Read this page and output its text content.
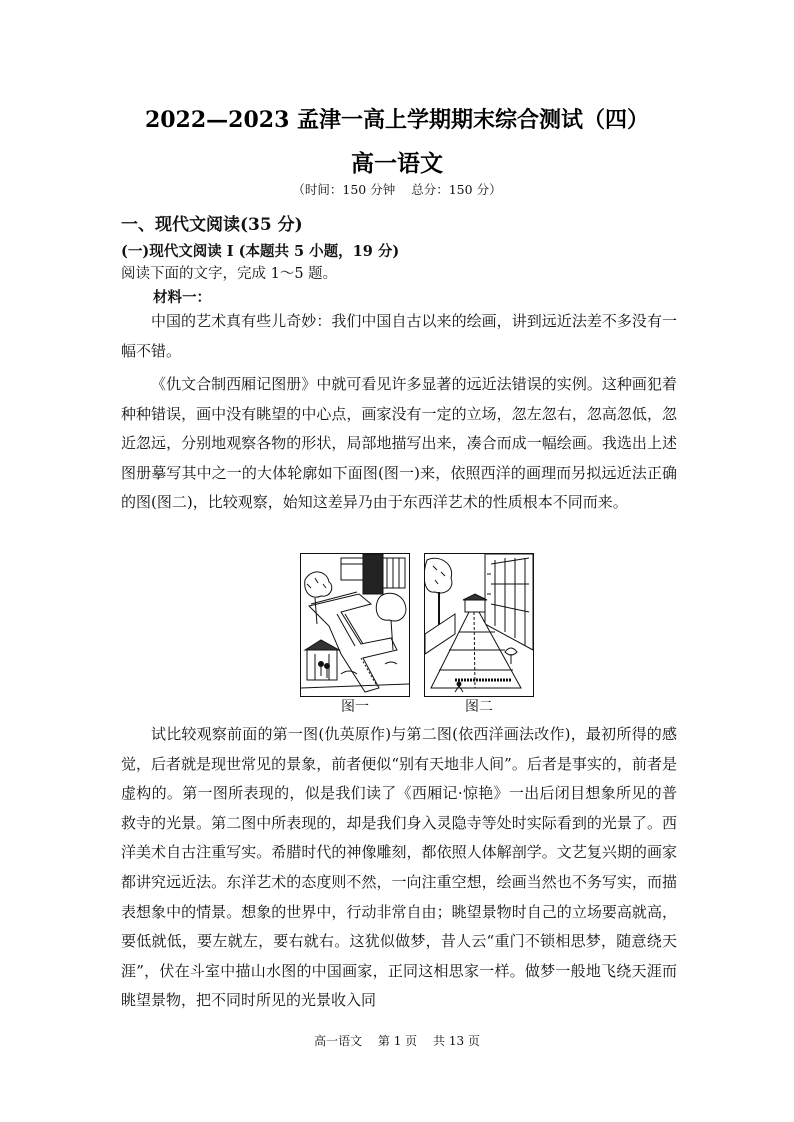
2022—2023 孟津一高上学期期末综合测试（四）
高一语文
（时间：150 分钟 总分：150 分）
一、现代文阅读(35 分)
(一)现代文阅读 I (本题共 5 小题，19 分)
阅读下面的文字，完成 1～5 题。
材料一：
中国的艺术真有些儿奇妙：我们中国自古以来的绘画，讲到远近法差不多没有一幅不错。
《仇文合制西厢记图册》中就可看见许多显著的远近法错误的实例。这种画犯着种种错误，画中没有眺望的中心点，画家没有一定的立场，忽左忽右，忽高忽低，忽近忽远，分别地观察各物的形状，局部地描写出来，凑合而成一幅绘画。我选出上述图册摹写其中之一的大体轮廓如下面图(图一)来，依照西洋的画理而另拟远近法正确的图(图二)，比较观察，始知这差异乃由于东西洋艺术的性质根本不同而来。
图一	图二
试比较观察前面的第一图(仇英原作)与第二图(依西洋画法改作)，最初所得的感觉，后者就是现世常见的景象，前者便似“别有天地非人间”。后者是事实的，前者是虚构的。第一图所表现的，似是我们读了《西厢记·惊艳》一出后闭目想象所见的普救寺的光景。第二图中所表现的，却是我们身入灵隐寺等处时实际看到的光景了。西洋美术自古注重写实。希腊时代的神像雕刻，都依照人体解剖学。文艺复兴期的画家都讲究远近法。东洋艺术的态度则不然，一向注重空想，绘画当然也不务写实，而描表想象中的情景。想象的世界中，行动非常自由；眺望景物时自己的立场要高就高，要低就低，要左就左，要右就右。这犹似做梦，昔人云“重门不锁相思梦，随意绕天涯”，伏在斗室中描山水图的中国画家，正同这相思家一样。做梦一般地飞绕天涯而眺望景物，把不同时所见的光景收入同
高一语文 第 1 页 共 13 页
